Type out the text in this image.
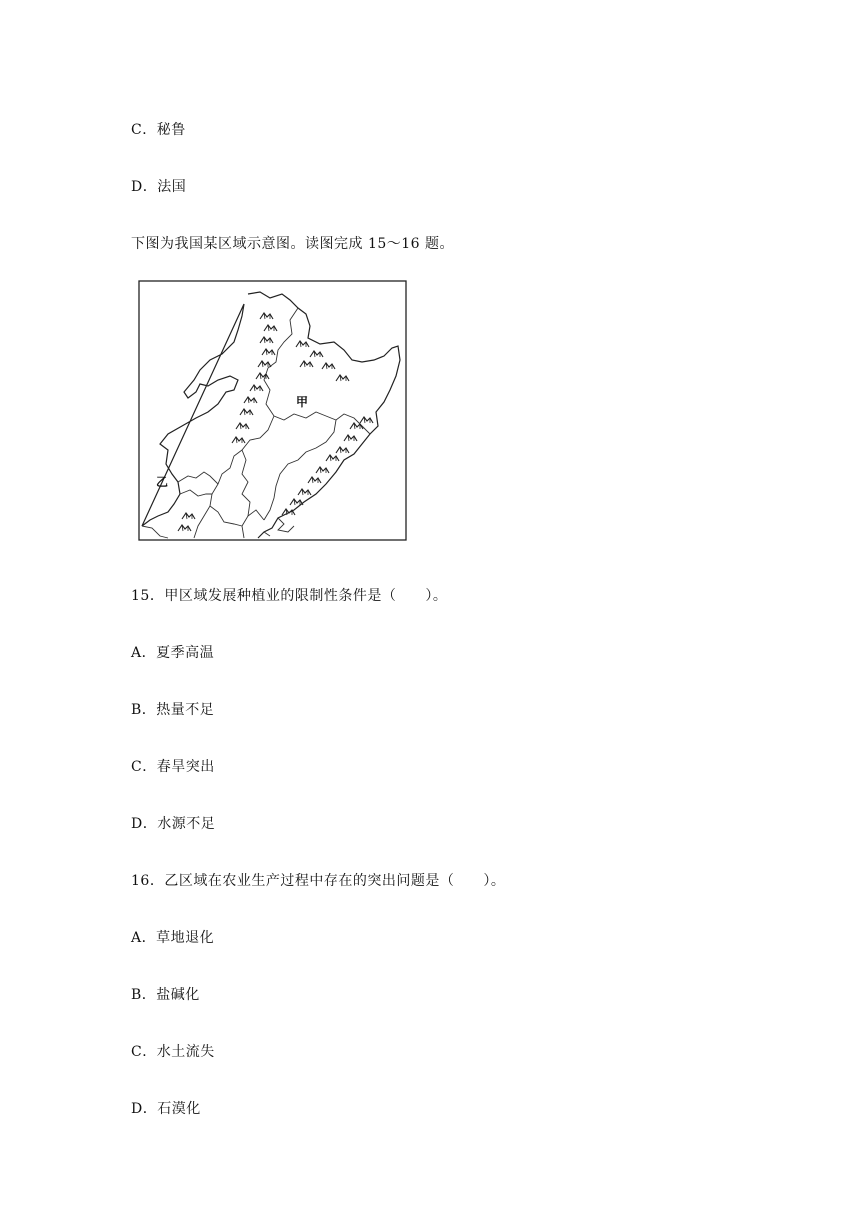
C．秘鲁
D．法国
下图为我国某区域示意图。读图完成 15～16 题。
甲
乙
15．甲区域发展种植业的限制性条件是（　　）。
A．夏季高温
B．热量不足
C．春旱突出
D．水源不足
16．乙区域在农业生产过程中存在的突出问题是（　　）。
A．草地退化
B．盐碱化
C．水土流失
D．石漠化
